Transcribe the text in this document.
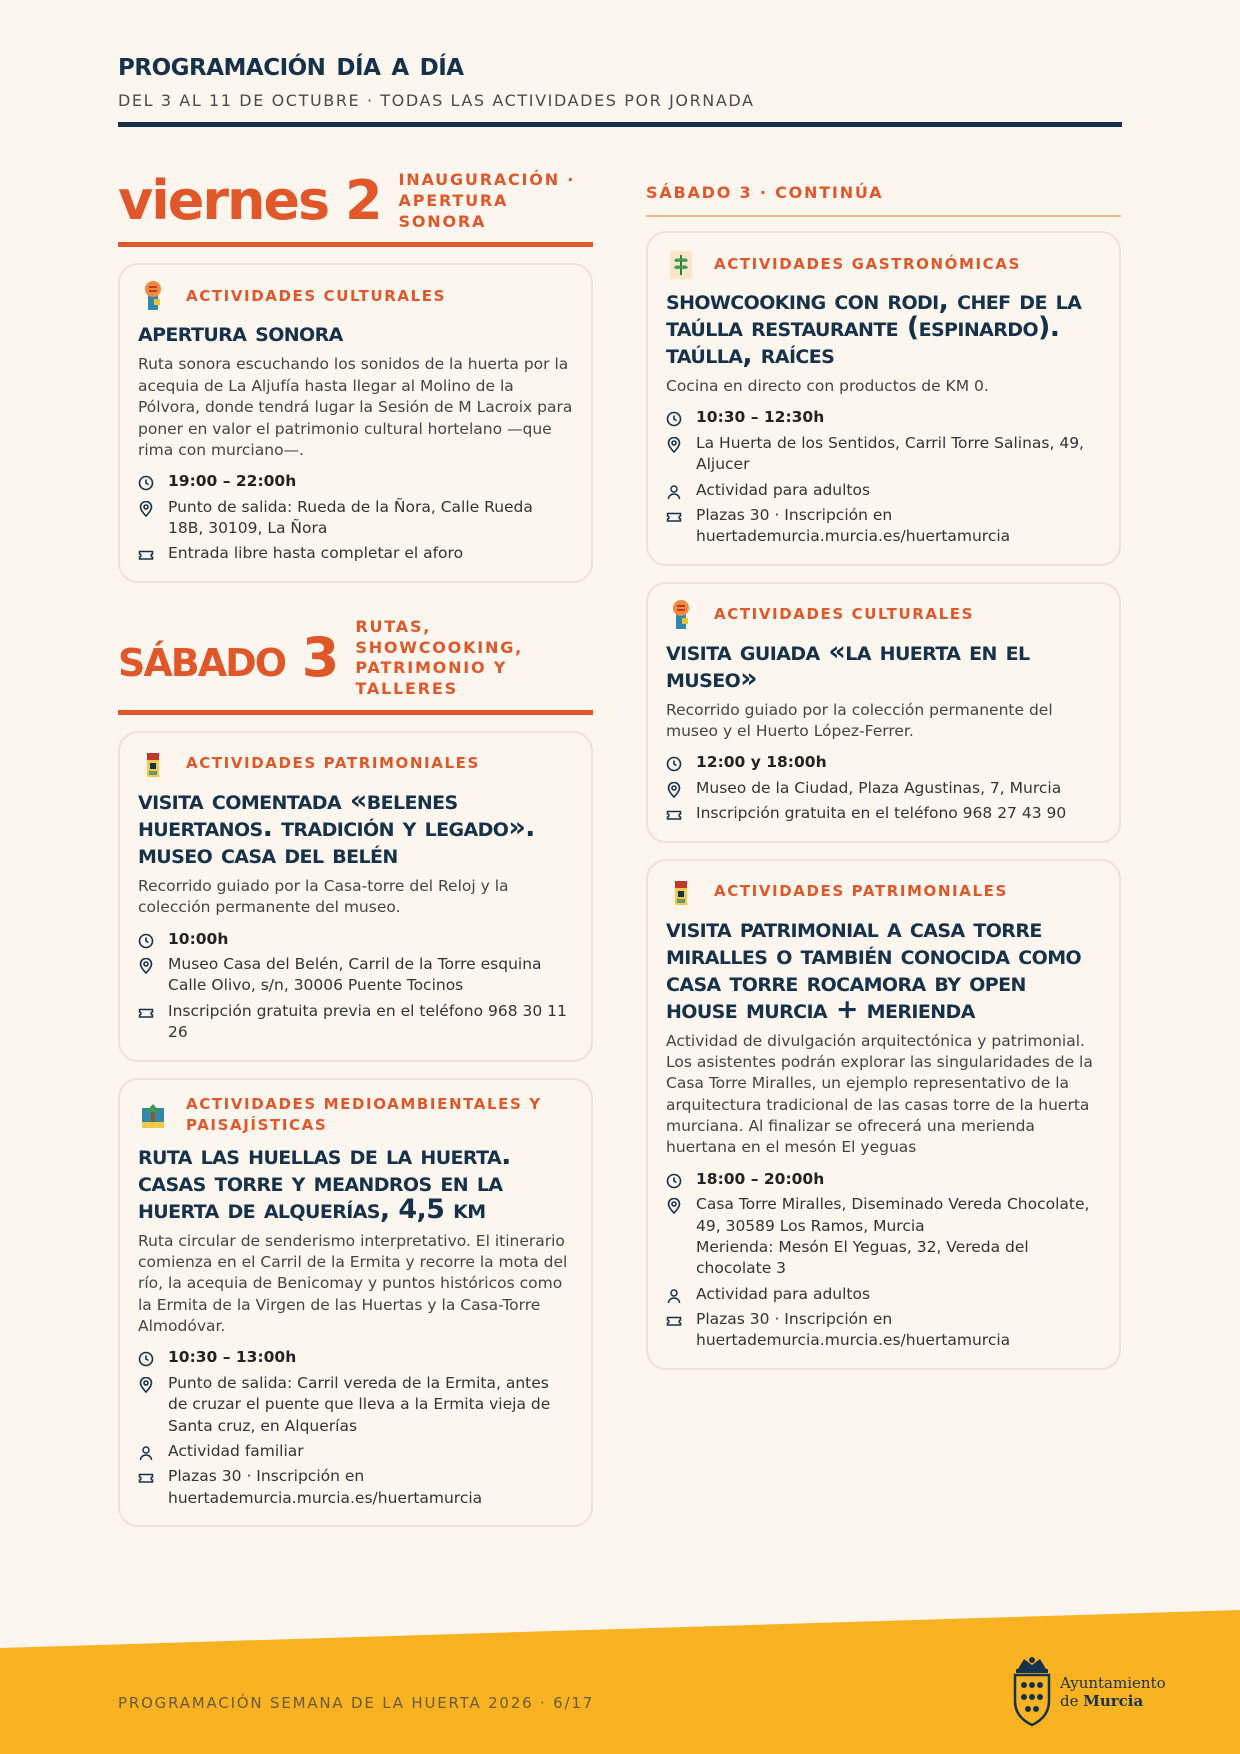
programación día a día
DEL 3 AL 11 DE OCTUBRE · TODAS LAS ACTIVIDADES POR JORNADA
viernes 2 INAUGURACIÓN · APERTURA SONORA
ACTIVIDADES CULTURALES
apertura sonora

Ruta sonora escuchando los sonidos de la huerta por la acequia de La Aljufía hasta llegar al Molino de la Pólvora, donde tendrá lugar la Sesión de M Lacroix para poner en valor el patrimonio cultural hortelano —que rima con murciano—.

19:00 – 22:00h
Punto de salida: Rueda de la Ñora, Calle Rueda 18B, 30109, La Ñora
Entrada libre hasta completar el aforo
sábado 3
RUTAS, SHOWCOOKING, PATRIMONIO Y TALLERES
ACTIVIDADES PATRIMONIALES
visita comentada «belenes huertanos. tradición y legado». museo casa del belén

Recorrido guiado por la Casa-torre del Reloj y la colección permanente del museo.

10:00h
Museo Casa del Belén, Carril de la Torre esquina Calle Olivo, s/n, 30006 Puente Tocinos
Inscripción gratuita previa en el teléfono 968 30 11 26
ACTIVIDADES MEDIOAMBIENTALES Y PAISAJÍSTICAS
ruta las huellas de la huerta. casas torre y meandros en la huerta de alquerías, 4,5 km

Ruta circular de senderismo interpretativo. El itinerario comienza en el Carril de la Ermita y recorre la mota del río, la acequia de Benicomay y puntos históricos como la Ermita de la Virgen de las Huertas y la Casa-Torre Almodóvar.

10:30 – 13:00h
Punto de salida: Carril vereda de la Ermita, antes de cruzar el puente que lleva a la Ermita vieja de Santa cruz, en Alquerías
Actividad familiar
Plazas 30 · Inscripción en huertademurcia.murcia.es/huertamurcia
SÁBADO 3 · CONTINÚA
ACTIVIDADES GASTRONÓMICAS
showcooking con rodi, chef de la taúlla restaurante (espinardo). taúlla, raíces

Cocina en directo con productos de KM 0.

10:30 – 12:30h
La Huerta de los Sentidos, Carril Torre Salinas, 49, Aljucer
Actividad para adultos
Plazas 30 · Inscripción en huertademurcia.murcia.es/huertamurcia
ACTIVIDADES CULTURALES
visita guiada «la huerta en el museo»

Recorrido guiado por la colección permanente del museo y el Huerto López-Ferrer.

12:00 y 18:00h
Museo de la Ciudad, Plaza Agustinas, 7, Murcia
Inscripción gratuita en el teléfono 968 27 43 90
ACTIVIDADES PATRIMONIALES
visita patrimonial a casa torre miralles o también conocida como casa torre rocamora by open house murcia + merienda

Actividad de divulgación arquitectónica y patrimonial. Los asistentes podrán explorar las singularidades de la Casa Torre Miralles, un ejemplo representativo de la arquitectura tradicional de las casas torre de la huerta murciana. Al finalizar se ofrecerá una merienda huertana en el mesón El yeguas

18:00 – 20:00h
Casa Torre Miralles, Diseminado Vereda Chocolate, 49, 30589 Los Ramos, Murcia
Merienda: Mesón El Yeguas, 32, Vereda del chocolate 3
Actividad para adultos
Plazas 30 · Inscripción en huertademurcia.murcia.es/huertamurcia
PROGRAMACIÓN SEMANA DE LA HUERTA 2026 · 6/17
Ayuntamiento
de Murcia
